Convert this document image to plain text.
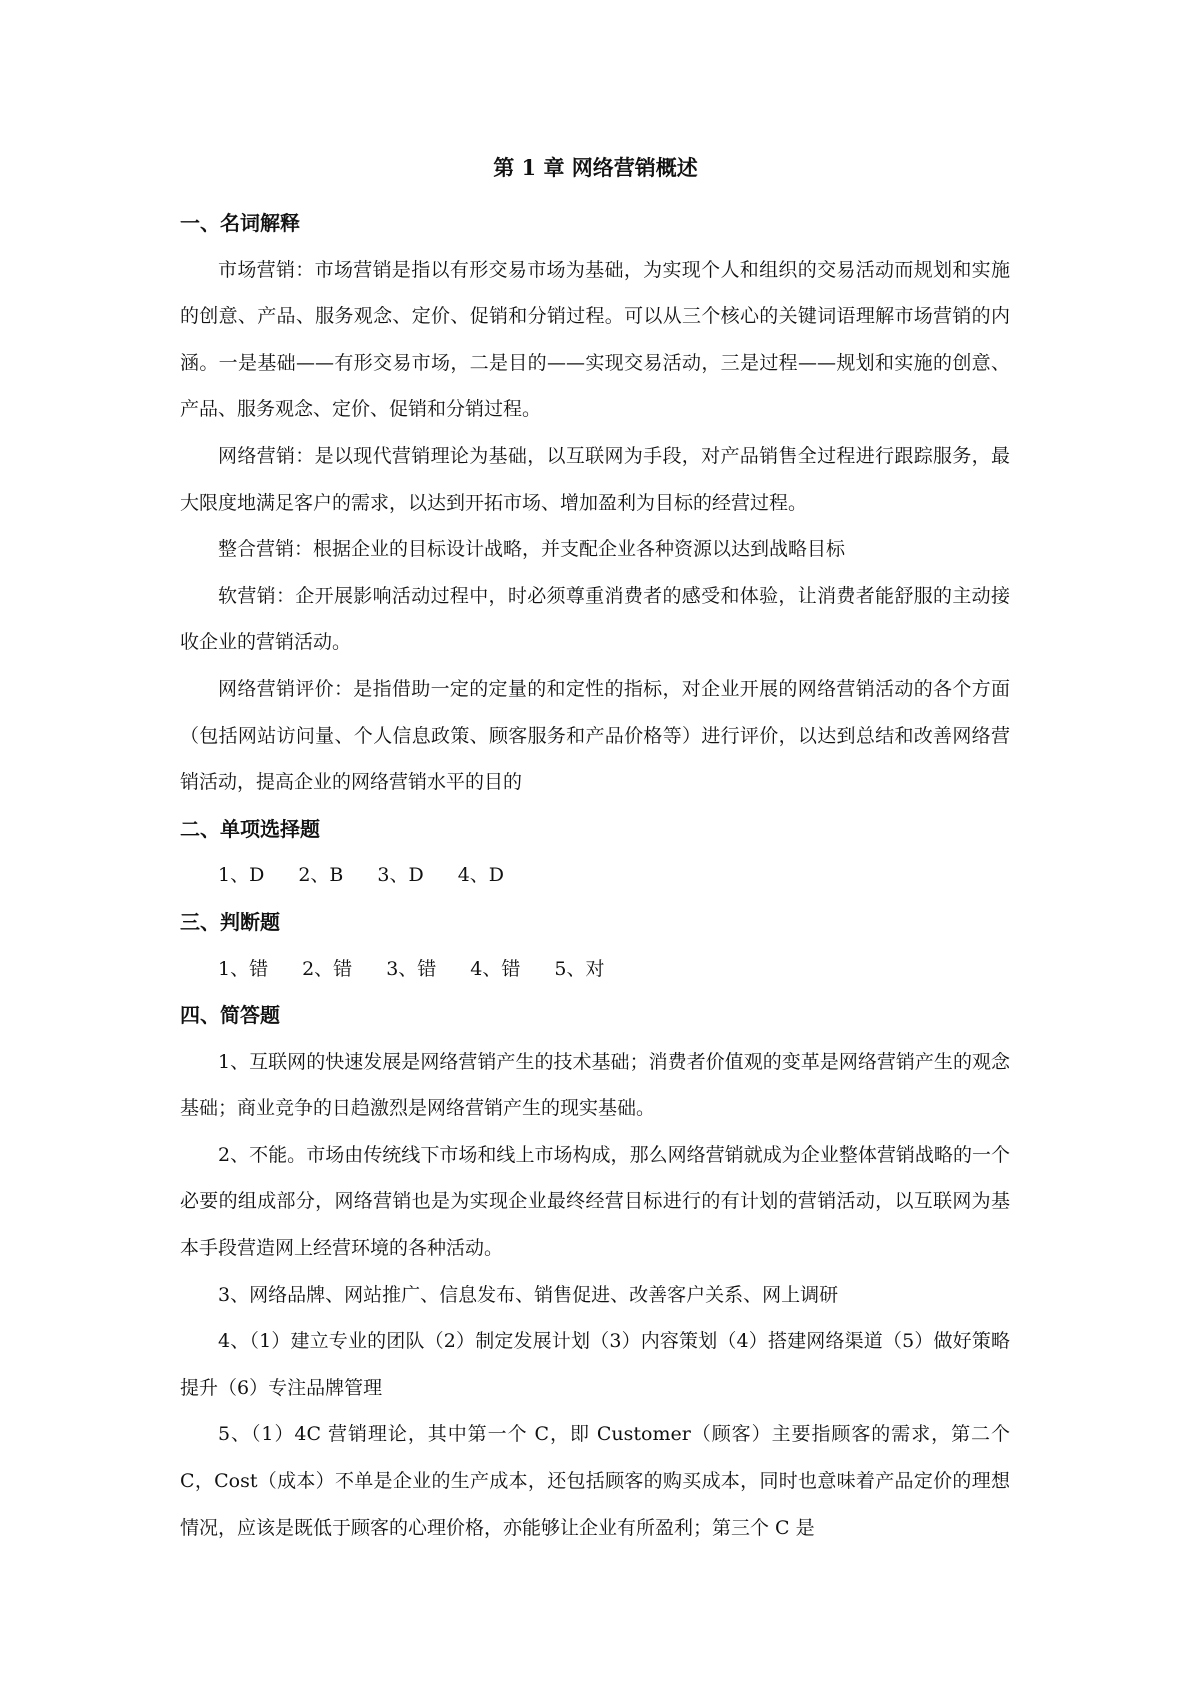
第 1 章 网络营销概述

一、名词解释

市场营销：市场营销是指以有形交易市场为基础，为实现个人和组织的交易活动而规划和实施的创意、产品、服务观念、定价、促销和分销过程。可以从三个核心的关键词语理解市场营销的内涵。一是基础——有形交易市场，二是目的——实现交易活动，三是过程——规划和实施的创意、产品、服务观念、定价、促销和分销过程。

网络营销：是以现代营销理论为基础，以互联网为手段，对产品销售全过程进行跟踪服务，最大限度地满足客户的需求，以达到开拓市场、增加盈利为目标的经营过程。

整合营销：根据企业的目标设计战略，并支配企业各种资源以达到战略目标

软营销：企开展影响活动过程中，时必须尊重消费者的感受和体验，让消费者能舒服的主动接收企业的营销活动。

网络营销评价：是指借助一定的定量的和定性的指标，对企业开展的网络营销活动的各个方面（包括网站访问量、个人信息政策、顾客服务和产品价格等）进行评价，以达到总结和改善网络营销活动，提高企业的网络营销水平的目的

二、单项选择题

1、D 2、B 3、D 4、D

三、判断题

1、错 2、错 3、错 4、错 5、对

四、简答题

1、互联网的快速发展是网络营销产生的技术基础；消费者价值观的变革是网络营销产生的观念基础；商业竞争的日趋激烈是网络营销产生的现实基础。

2、不能。市场由传统线下市场和线上市场构成，那么网络营销就成为企业整体营销战略的一个必要的组成部分，网络营销也是为实现企业最终经营目标进行的有计划的营销活动，以互联网为基本手段营造网上经营环境的各种活动。

3、网络品牌、网站推广、信息发布、销售促进、改善客户关系、网上调研

4、（1）建立专业的团队（2）制定发展计划（3）内容策划（4）搭建网络渠道（5）做好策略提升（6）专注品牌管理

5、（1）4C 营销理论，其中第一个 C，即 Customer（顾客）主要指顾客的需求，第二个 C，Cost（成本）不单是企业的生产成本，还包括顾客的购买成本，同时也意味着产品定价的理想情况，应该是既低于顾客的心理价格，亦能够让企业有所盈利；第三个 C 是
